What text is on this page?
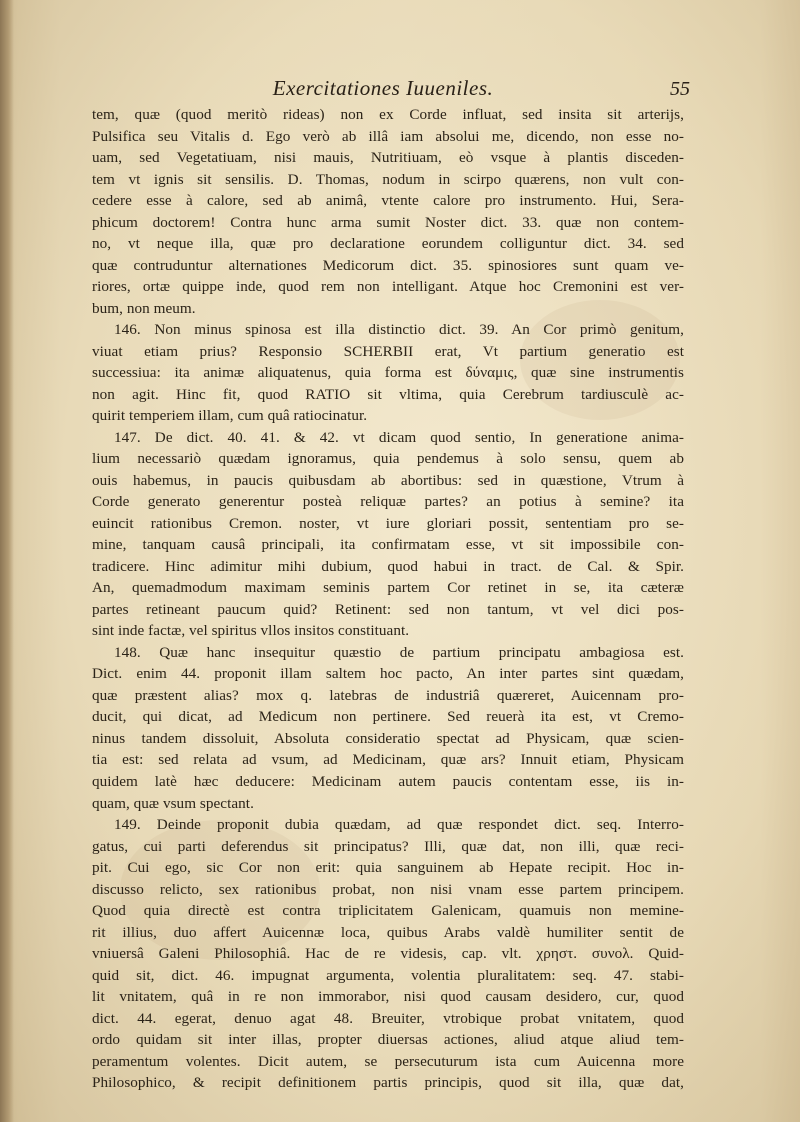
Exercitationes Iuueniles.	55
tem, quæ (quod meritò rideas) non ex Corde influat, sed insita sit arterijs,
Pulsifica seu Vitalis d. Ego verò ab illâ iam absolui me, dicendo, non esse no-
uam, sed Vegetatiuam, nisi mauis, Nutritiuam, eò vsque à plantis disceden-
tem vt ignis sit sensilis. D. Thomas, nodum in scirpo quærens, non vult con-
cedere esse à calore, sed ab animâ, vtente calore pro instrumento. Hui, Sera-
phicum doctorem! Contra hunc arma sumit Noster dict. 33. quæ non contem-
no, vt neque illa, quæ pro declaratione eorundem colliguntur dict. 34. sed
quæ contruduntur alternationes Medicorum dict. 35. spinosiores sunt quam ve-
riores, ortæ quippe inde, quod rem non intelligant. Atque hoc Cremonini est ver-
bum, non meum.
146. Non minus spinosa est illa distinctio dict. 39. An Cor primò genitum,
viuat etiam prius? Responsio SCHERBII erat, Vt partium generatio est
successiua: ita animæ aliquatenus, quia forma est δύναμις, quæ sine instrumentis
non agit. Hinc fit, quod RATIO sit vltima, quia Cerebrum tardiusculè ac-
quirit temperiem illam, cum quâ ratiocinatur.
147. De dict. 40. 41. & 42. vt dicam quod sentio, In generatione anima-
lium necessariò quædam ignoramus, quia pendemus à solo sensu, quem ab
ouis habemus, in paucis quibusdam ab abortibus: sed in quæstione, Vtrum à
Corde generato generentur posteà reliquæ partes? an potius à semine? ita
euincit rationibus Cremon. noster, vt iure gloriari possit, sententiam pro se-
mine, tanquam causâ principali, ita confirmatam esse, vt sit impossibile con-
tradicere. Hinc adimitur mihi dubium, quod habui in tract. de Cal. & Spir.
An, quemadmodum maximam seminis partem Cor retinet in se, ita cæteræ
partes retineant paucum quid? Retinent: sed non tantum, vt vel dici pos-
sint inde factæ, vel spiritus vllos insitos constituant.
148. Quæ hanc insequitur quæstio de partium principatu ambagiosa est.
Dict. enim 44. proponit illam saltem hoc pacto, An inter partes sint quædam,
quæ præstent alias? mox q. latebras de industriâ quæreret, Auicennam pro-
ducit, qui dicat, ad Medicum non pertinere. Sed reuerà ita est, vt Cremo-
ninus tandem dissoluit, Absoluta consideratio spectat ad Physicam, quæ scien-
tia est: sed relata ad vsum, ad Medicinam, quæ ars? Innuit etiam, Physicam
quidem latè hæc deducere: Medicinam autem paucis contentam esse, iis in-
quam, quæ vsum spectant.
149. Deinde proponit dubia quædam, ad quæ respondet dict. seq. Interro-
gatus, cui parti deferendus sit principatus? Illi, quæ dat, non illi, quæ reci-
pit. Cui ego, sic Cor non erit: quia sanguinem ab Hepate recipit. Hoc in-
discusso relicto, sex rationibus probat, non nisi vnam esse partem principem.
Quod quia directè est contra triplicitatem Galenicam, quamuis non meminе-
rit illius, duo affert Auicennæ loca, quibus Arabs valdè humiliter sentit de
vniuersâ Galeni Philosophiâ. Hac de re videsis, cap. vlt. χρηστ. συνολ. Quid-
quid sit, dict. 46. impugnat argumenta, volentia pluralitatem: seq. 47. stabi-
lit vnitatem, quâ in re non immorabor, nisi quod causam desidero, cur, quod
dict. 44. egerat, denuo agat 48. Breuiter, vtrobique probat vnitatem, quod
ordo quidam sit inter illas, propter diuersas actiones, aliud atque aliud tem-
peramentum volentes. Dicit autem, se persecuturum ista cum Auicenna more
Philosophico, & recipit definitionem partis principis, quod sit illa, quæ dat,
